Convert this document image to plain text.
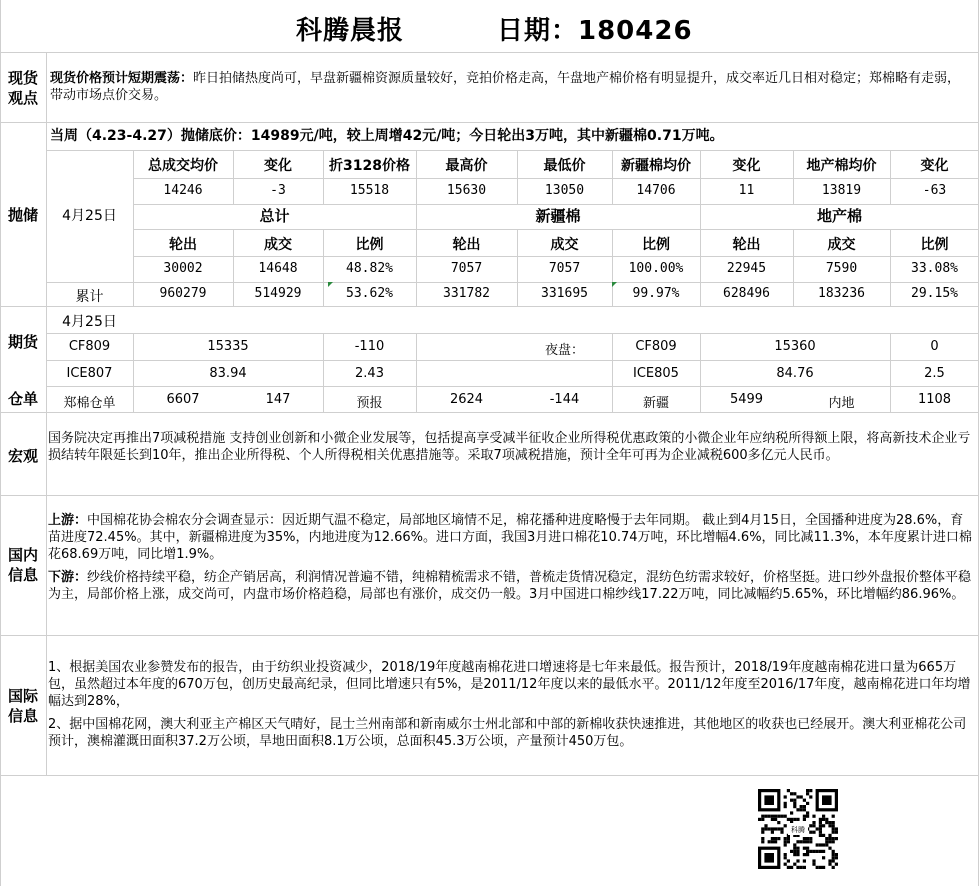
科腾晨报	日期：180426
现货
观点
现货价格预计短期震荡：昨日拍储热度尚可，早盘新疆棉资源质量较好，竞拍价格走高，午盘地产棉价格有明显提升，成交率近几日相对稳定；郑棉略有走弱，带动市场点价交易。
抛储
当周（4.23-4.27）抛储底价：14989元/吨，较上周增42元/吨；今日轮出3万吨，其中新疆棉0.71万吨。
4月25日
总成交均价	变化	折3128价格	最高价	最低价	新疆棉均价	变化	地产棉均价	变化
14246	-3	15518	15630	13050	14706	11	13819	-63
总计	新疆棉	地产棉
轮出	成交	比例	轮出	成交	比例	轮出	成交	比例
30002	14648	48.82%	7057	7057	100.00%	22945	7590	33.08%
累计	960279	514929	53.62%	331782	331695	99.97%	628496	183236	29.15%
期货
4月25日
CF809	15335	-110	夜盘：	CF809	15360	0
ICE807	83.94	2.43	ICE805	84.76	2.5
仓单	郑棉仓单	6607	147	预报	2624	-144	新疆	5499	内地	1108
宏观
国务院决定再推出7项减税措施 支持创业创新和小微企业发展等，包括提高享受减半征收企业所得税优惠政策的小微企业年应纳税所得额上限，将高新技术企业亏损结转年限延长到10年，推出企业所得税、个人所得税相关优惠措施等。采取7项减税措施，预计全年可再为企业减税600多亿元人民币。
国内
信息
上游：中国棉花协会棉农分会调查显示：因近期气温不稳定，局部地区墒情不足，棉花播种进度略慢于去年同期。 截止到4月15日，全国播种进度为28.6%，育苗进度72.45%。其中，新疆棉进度为35%，内地进度为12.66%。进口方面，我国3月进口棉花10.74万吨，环比增幅4.6%，同比减11.3%，本年度累计进口棉花68.69万吨，同比增1.9%。
下游：纱线价格持续平稳，纺企产销居高，利润情况普遍不错，纯棉精梳需求不错，普梳走货情况稳定，混纺色纺需求较好，价格坚挺。进口纱外盘报价整体平稳为主，局部价格上涨，成交尚可，内盘市场价格趋稳，局部也有涨价，成交仍一般。3月中国进口棉纱线17.22万吨，同比减幅约5.65%，环比增幅约86.96%。
国际
信息
1、根据美国农业参赞发布的报告，由于纺织业投资减少，2018/19年度越南棉花进口增速将是七年来最低。报告预计，2018/19年度越南棉花进口量为665万包，虽然超过本年度的670万包，创历史最高纪录，但同比增速只有5%，是2011/12年度以来的最低水平。2011/12年度至2016/17年度，越南棉花进口年均增幅达到28%，
2、据中国棉花网，澳大利亚主产棉区天气晴好，昆士兰州南部和新南威尔士州北部和中部的新棉收获快速推进，其他地区的收获也已经展开。澳大利亚棉花公司预计，澳棉灌溉田面积37.2万公顷，旱地田面积8.1万公顷，总面积45.3万公顷，产量预计450万包。
科腾
